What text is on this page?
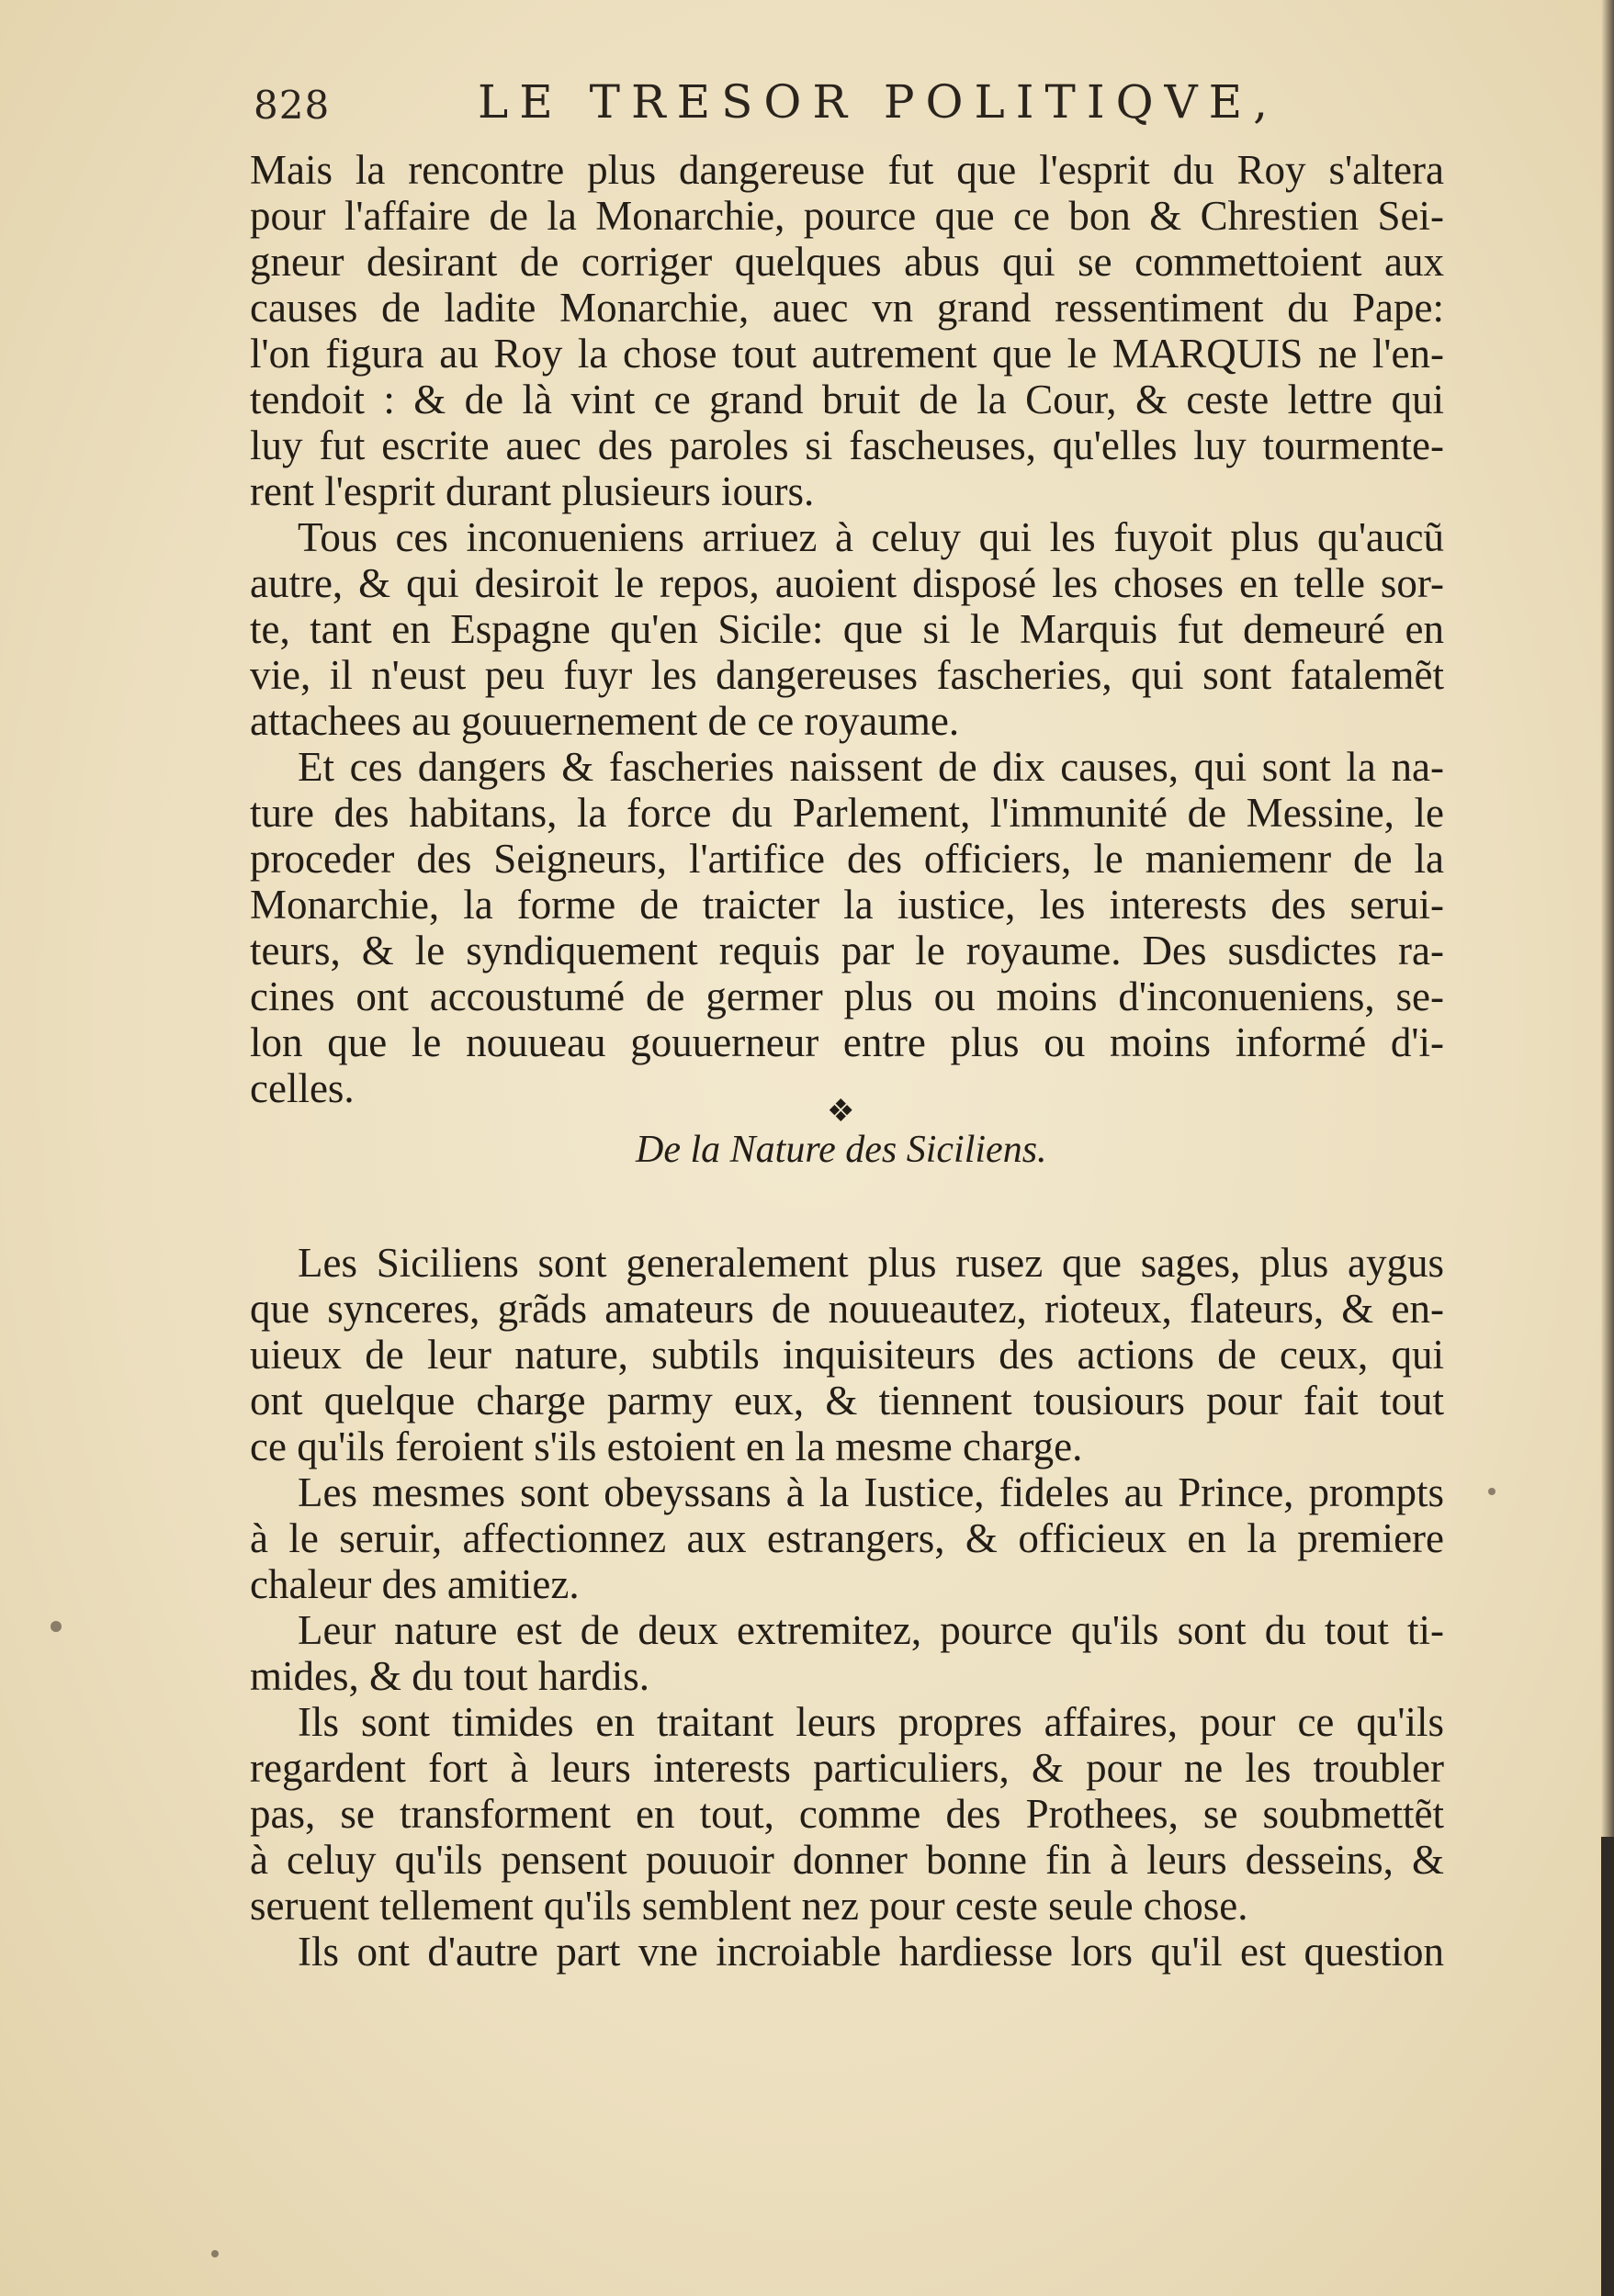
828	LE TRESOR POLITIQVE,
Mais la rencontre plus dangereuse fut que l'esprit du Roy s'altera
pour l'affaire de la Monarchie, pource que ce bon & Chrestien Sei-
gneur desirant de corriger quelques abus qui se commettoient aux
causes de ladite Monarchie, auec vn grand ressentiment du Pape:
l'on figura au Roy la chose tout autrement que le MARQUIS ne l'en-
tendoit : & de là vint ce grand bruit de la Cour, & ceste lettre qui
luy fut escrite auec des paroles si fascheuses, qu'elles luy tourmente-
rent l'esprit durant plusieurs iours.
Tous ces inconueniens arriuez à celuy qui les fuyoit plus qu'aucũ
autre, & qui desiroit le repos, auoient disposé les choses en telle sor-
te, tant en Espagne qu'en Sicile: que si le Marquis fut demeuré en
vie, il n'eust peu fuyr les dangereuses fascheries, qui sont fatalemẽt
attachees au gouuernement de ce royaume.
Et ces dangers & fascheries naissent de dix causes, qui sont la na-
ture des habitans, la force du Parlement, l'immunité de Messine, le
proceder des Seigneurs, l'artifice des officiers, le maniemenr de la
Monarchie, la forme de traicter la iustice, les interests des serui-
teurs, & le syndiquement requis par le royaume. Des susdictes ra-
cines ont accoustumé de germer plus ou moins d'inconueniens, se-
lon que le nouueau gouuerneur entre plus ou moins informé d'i-
celles.
De la Nature des Siciliens.
Les Siciliens sont generalement plus rusez que sages, plus aygus
que synceres, grãds amateurs de nouueautez, rioteux, flateurs, & en-
uieux de leur nature, subtils inquisiteurs des actions de ceux, qui
ont quelque charge parmy eux, & tiennent tousiours pour fait tout
ce qu'ils feroient s'ils estoient en la mesme charge.
Les mesmes sont obeyssans à la Iustice, fideles au Prince, prompts
à le seruir, affectionnez aux estrangers, & officieux en la premiere
chaleur des amitiez.
Leur nature est de deux extremitez, pource qu'ils sont du tout ti-
mides, & du tout hardis.
Ils sont timides en traitant leurs propres affaires, pour ce qu'ils
regardent fort à leurs interests particuliers, & pour ne les troubler
pas, se transforment en tout, comme des Prothees, se soubmettẽt
à celuy qu'ils pensent pouuoir donner bonne fin à leurs desseins, &
seruent tellement qu'ils semblent nez pour ceste seule chose.
Ils ont d'autre part vne incroiable hardiesse lors qu'il est question
❖
